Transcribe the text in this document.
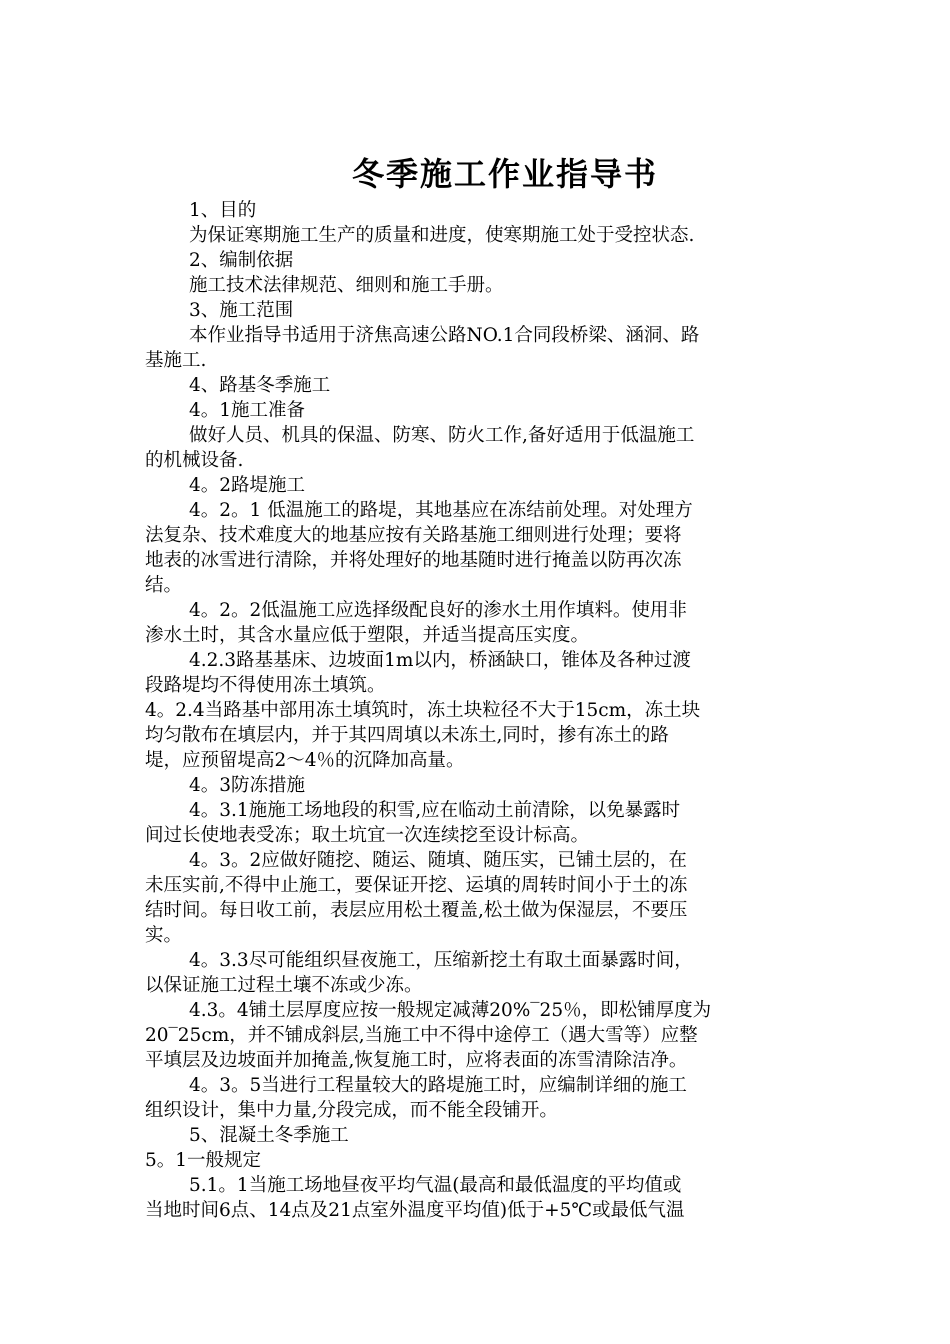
冬季施工作业指导书

1、目的

为保证寒期施工生产的质量和进度，使寒期施工处于受控状态.

2、编制依据

施工技术法律规范、细则和施工手册。

3、施工范围

本作业指导书适用于济焦高速公路NO.1合同段桥梁、涵洞、路

基施工.

4、路基冬季施工

4。1施工准备

做好人员、机具的保温、防寒、防火工作,备好适用于低温施工

的机械设备.

4。2路堤施工

4。2。1 低温施工的路堤，其地基应在冻结前处理。对处理方

法复杂、技术难度大的地基应按有关路基施工细则进行处理；要将

地表的冰雪进行清除，并将处理好的地基随时进行掩盖以防再次冻

结。

4。2。2低温施工应选择级配良好的渗水土用作填料。使用非

渗水土时，其含水量应低于塑限，并适当提高压实度。

4.2.3路基基床、边坡面1m以内，桥涵缺口，锥体及各种过渡

段路堤均不得使用冻土填筑。

4。2.4当路基中部用冻土填筑时，冻土块粒径不大于15cm，冻土块

均匀散布在填层内，并于其四周填以未冻土,同时，掺有冻土的路

堤，应预留堤高2～4％的沉降加高量。

4。3防冻措施

4。3.1施施工场地段的积雪,应在临动土前清除，以免暴露时

间过长使地表受冻；取土坑宜一次连续挖至设计标高。

4。3。2应做好随挖、随运、随填、随压实，已铺土层的，在

未压实前,不得中止施工，要保证开挖、运填的周转时间小于土的冻

结时间。每日收工前，表层应用松土覆盖,松土做为保湿层，不要压

实。

4。3.3尽可能组织昼夜施工，压缩新挖土有取土面暴露时间，

以保证施工过程土壤不冻或少冻。

4.3。4铺土层厚度应按一般规定减薄20%‾25％，即松铺厚度为

20‾25cm，并不铺成斜层,当施工中不得中途停工（遇大雪等）应整

平填层及边坡面并加掩盖,恢复施工时，应将表面的冻雪清除洁净。

4。3。5当进行工程量较大的路堤施工时，应编制详细的施工

组织设计，集中力量,分段完成，而不能全段铺开。

5、混凝土冬季施工

5。1一般规定

5.1。1当施工场地昼夜平均气温(最高和最低温度的平均值或

当地时间6点、14点及21点室外温度平均值)低于+5℃或最低气温
